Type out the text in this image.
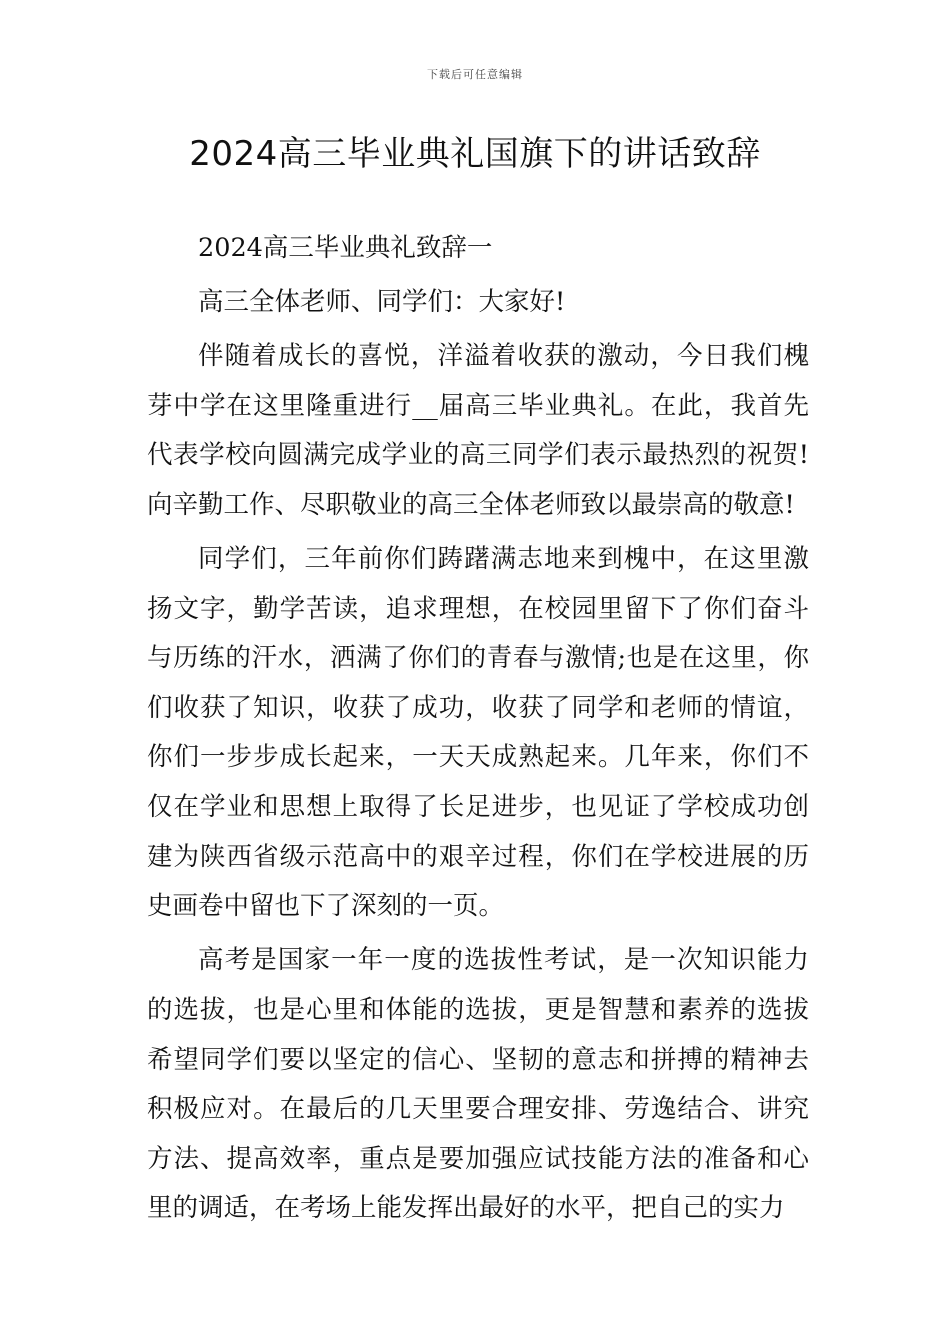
下载后可任意编辑
2024高三毕业典礼国旗下的讲话致辞

2024高三毕业典礼致辞一

高三全体老师、同学们：大家好!

伴随着成长的喜悦，洋溢着收获的激动，今日我们槐芽中学在这里隆重进行__届高三毕业典礼。在此，我首先代表学校向圆满完成学业的高三同学们表示最热烈的祝贺!向辛勤工作、尽职敬业的高三全体老师致以最崇高的敬意!

同学们，三年前你们踌躇满志地来到槐中，在这里激扬文字，勤学苦读，追求理想，在校园里留下了你们奋斗与历练的汗水，洒满了你们的青春与激情;也是在这里，你们收获了知识，收获了成功，收获了同学和老师的情谊，你们一步步成长起来，一天天成熟起来。几年来，你们不仅在学业和思想上取得了长足进步，也见证了学校成功创建为陕西省级示范高中的艰辛过程，你们在学校进展的历史画卷中留也下了深刻的一页。

高考是国家一年一度的选拔性考试，是一次知识能力的选拔，也是心里和体能的选拔，更是智慧和素养的选拔希望同学们要以坚定的信心、坚韧的意志和拼搏的精神去积极应对。在最后的几天里要合理安排、劳逸结合、讲究方法、提高效率，重点是要加强应试技能方法的准备和心里的调适，在考场上能发挥出最好的水平，把自己的实力
